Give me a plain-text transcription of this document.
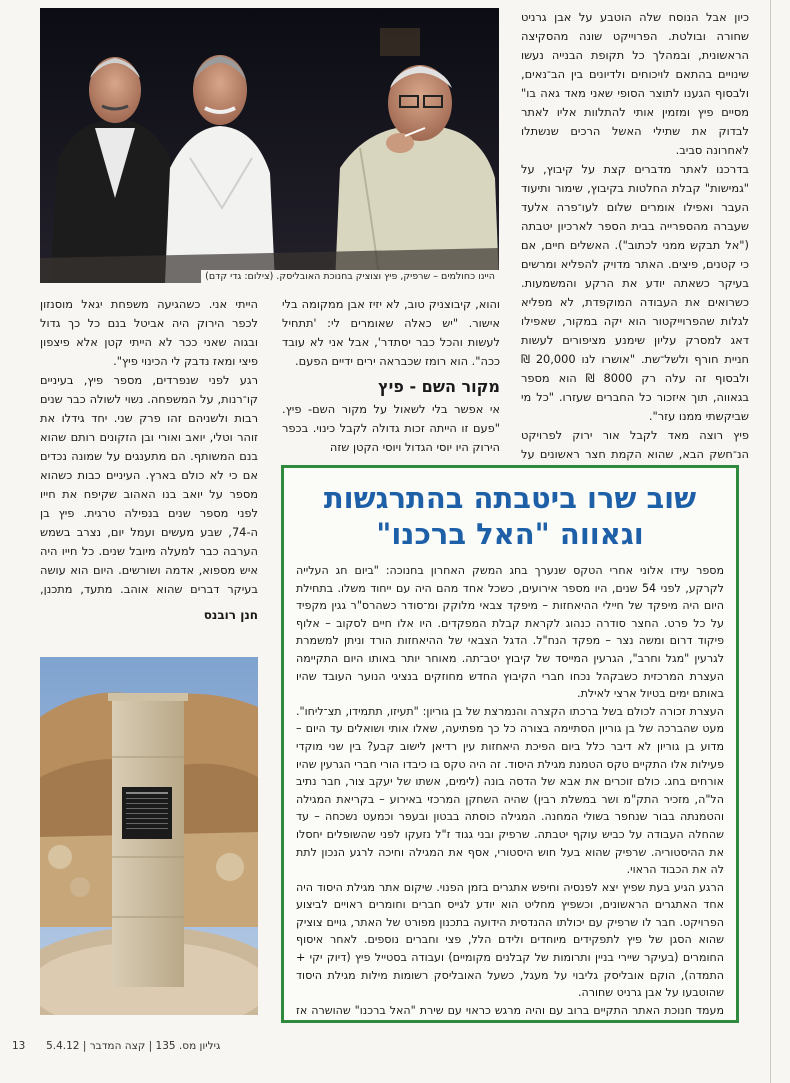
היינו כחולמים – שרפיק, פיץ וצוציק בחנוכת האובליסק. (צילום: גדי קדם)

כיון אבל הנוסח שלה הוטבע על אבן גרניט שחורה ובולטת. הפרוייקט שונה מהסקיצה הראשונית, ובמהלך כל תקופת הבנייה נעשו שינויים בהתאם לויכוחים ולדיונים בין הב־נאים, ולבסוף הגענו לתוצר הסופי שאני מאד גאה בו" מסיים פיץ ומזמין אותי להתלוות אליו לאתר לבדוק את שתילי האשל הרכים שנשתלו לאחרונה סביב.

בדרכנו לאתר מדברים קצת על קיבוץ, על "גמישות" קבלת החלטות בקיבוץ, שימור ותיעוד העבר ואפילו אומרים שלום לעו־פרה אלעד שעברה מהספרייה בבית הספר לארכיון יטבתה ("אל תבקש ממני לכתוב"). האשלים חיים, אם כי קטנים, פיצים. האתר מדויק להפליא ומרשים בעיקר כשאתה יודע את הרקע והמשמעות. כשרואים את העבודה המוקפדת, לא מפליא לגלות שהפרוייקטור הוא יקה במקור, שאפילו דאג למסרק עליון שימנע מציפורים לעשות חניית חורף ולשל־שת. "אושרו לנו 20,000 ₪ ולבסוף זה עלה רק 8000 ₪ הוא מספר בגאווה, תוך איזכור כל החברים שעזרו. "כל מי שביקשתי ממנו עזר".

פיץ רוצה מאד לקבל אור ירוק לפרויקט הנ־חשק הבא, שהוא הקמת חצר ראשונים על

והוא, קיבוצניק טוב, לא יזיז אבן ממקומה בלי אישור. "יש כאלה שאומרים לי: 'תתחיל לעשות והכל כבר יסתדר', אבל אני לא עובד ככה". הוא רומז שכבראה ירים ידיים הפעם.

מקור השם - פיץ

אי אפשר בלי לשאול על מקור השם- פיץ. "פעם זו הייתה זכות גדולה לקבל כינוי. בכפר הירוק היו יוסי הגדול ויוסי הקטן שזה

הייתי אני. כשהגיעה משפחת יגאל מוסנזון לכפר הירוק היה אביטל בנם כל כך גדול ובגוה שאני ככר לא הייתי קטן אלא פיצפון פיצי ומאז נדבק לי הכינוי פיץ".

רגע לפני שנפרדים, מספר פיץ, בעיניים קו־רנות, על המשפחה. נשוי לשולה כבר שנים רבות ולשניהם זהו פרק שני. יחד גידלו את זוהר וטלי, יואב ואורי ובן הזקונים רותם שהוא בנם המשותף. הם מתענגים על שמונה נכדים אם כי לא כולם בארץ. העיניים כבות כשהוא מספר על יואב בנו האהוב שקיפח את חייו לפני מספר שנים בנפילה טרגית. פיץ בן ה-74, שבע מעשים ועמל יום, נצרב בשמש הערבה כבר למעלה מיובל שנים. כל חייו היה איש מספוא, אדמה ושורשים. היום הוא עושה בעיקר דברים שהוא אוהב. מתעד, מתכנן,

חנן רובנס
שוב שרו ביטבתה בהתרגשות
וגאווה "האל ברכנו"

מספר עידו אלוני אחרי הטקס שנערך בחג המשק האחרון בחנוכה: "ביום חג העלייה לקרקע, לפני 54 שנים, היו מספר אירועים, כשכל אחד מהם היה עם ייחוד משלו. בתחילת היום היה מיפקד של חיילי ההיאחזות – מיפקד צבאי מלוקק ומ־סודר כשהרס"ר גגין מקפיד על כל פרט. החצר סודרה כנהוג לקראת קבלת המפקדים. היו אלו חיים לסקוב – אלוף פיקוד דרום ומשה נצר – מפקד הנח"ל. הדגל הצבאי של ההיאחזות הורד וניתן למשמרת לגרעין "מגל וחרב", הגרעין המייסד של קיבוץ יטב־תה. מאוחר יותר באותו היום התקיימה העצרת המרכזית כשבקהל נכחו חברי הקיבוץ החדש מחוזקים בנציגי הנוער העובד שהיו באותם ימים בטיול ארצי לאילת.

העצרת זכורה לכולם בשל ברכתו הקצרה והנמרצת של בן גוריון: "תעיזו, תתמידו, תצ־ליחו". מעט שהברכה של בן גוריון הסתיימה בצורה כל כך מפתיעה, שאלו אותי ושואלים עד היום – מדוע בן גוריון לא דיבר כלל ביום הפיכת היאחזות עין רדיאן לישוב קבע? בין שני מוקדי פעילות אלו התקיים טקס הטמנת מגילת היסוד. זה היה טקס בו כיבדו הורי חברי הגרעין שהיו אורחים בחג. כולם זוכרים את אבא של הדסה בונה (לימים, אשתו של יעקב צור, חבר נתיב הל"ה, מזכיר התק"מ ושר במשלת רבין) שהיה השחקן המרכזי באירוע – בקריאת המגילה והטמנתה בבור שנחפר בשולי המחנה. המגילה כוסתה בבטון ובעפר וכמעט נשכחה – עד שהחלה העבודה על כביש עוקף יטבתה. שרפיק ובני גגוד ז"ל נזעקו לפני שהשופלים יחסלו את ההיסטוריה. שרפיק שהוא בעל חוש היסטורי, אסף את המגילה וחיכה לרגע הנכון לתת לה את הכבוד הראוי.

הרגע הגיע בעת שפיץ יצא לפנסיה וחיפש אתגרים בזמן הפנוי. שיקום אתר מגילת היסוד היה אחד האתגרים הראשונים, וכשפיץ מחליט הוא יודע לגייס חברים וחומרים ראויים לביצוע הפרויקט. חבר לו שרפיק עם יכולתו ההנדסית הידועה בתכנון מפורט של האתר, גויים צוציק שהוא הסגן של פיץ לתפקידים מיוחדים ולידם הלל, פצי וחברים נוספים. לאחר איסוף החומרים (בעיקר שיירי בניין ותרומות של קבלנים מקומיים) ועבודה בסטייל פיץ (דיוק יקי + התמדה), הוקם אובליסק גליבוי על מעגל, כשעל האובליסק רשומות מילות מגילת היסוד שהוטבעו על אבן גרניט שחורה.

מעמד חנוכת האתר התקיים ברוב עם והיה מרגש כראוי עם שירת "האל ברכנו" שהושרה אז

13 5.4.12 |	גיליון מס. 135 | קצה המדבר
